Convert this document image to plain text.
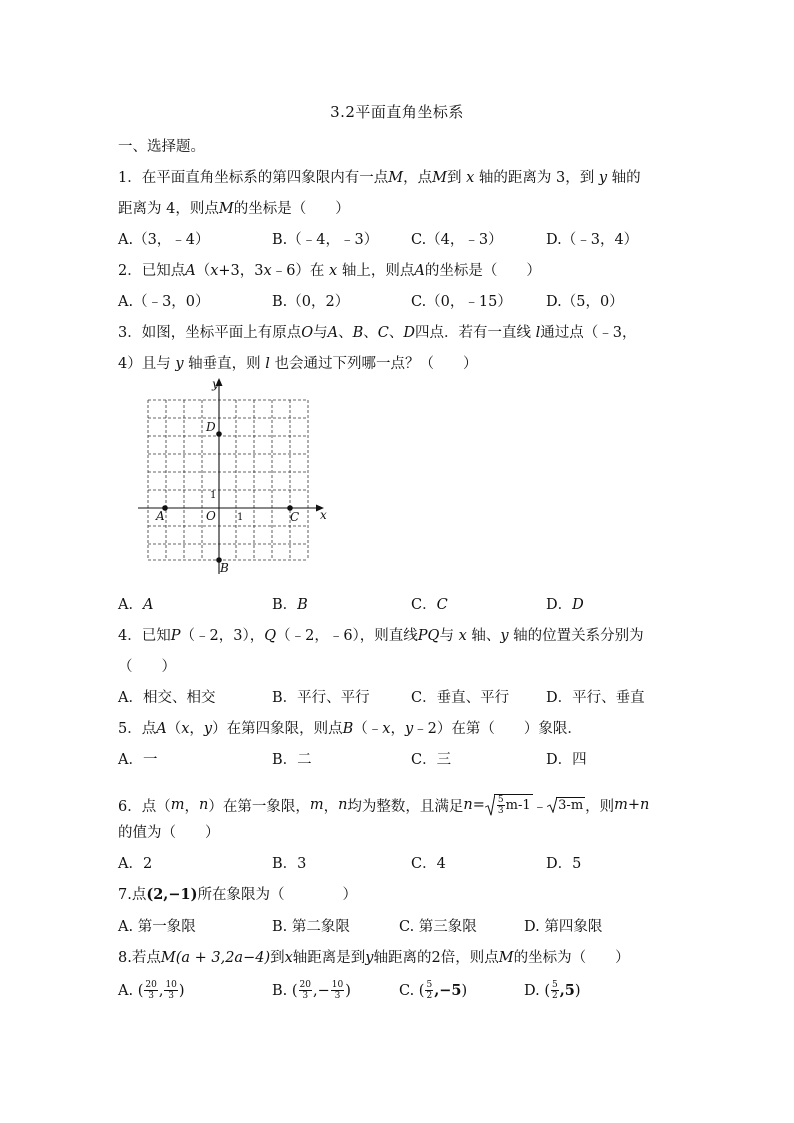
3.2平面直角坐标系
一、选择题。
1．在平面直角坐标系的第四象限内有一点M，点M到 x 轴的距离为 3，到 y 轴的
距离为 4，则点M的坐标是（　　）
A.（3，﹣4）	B.（﹣4，﹣3） C.（4，﹣3）	D.（﹣3，4）
2．已知点A（x+3，3x﹣6）在 x 轴上，则点A的坐标是（　　）
A.（﹣3，0）	B.（0，2）	C.（0，﹣15） D.（5，0）
3．如图，坐标平面上有原点O与A、B、C、D四点．若有一直线 l通过点（﹣3，
4）且与 y 轴垂直，则 l 也会通过下列哪一点？（　　）
y
x
O
A
B
C
D
1
1
A．A	B．B	C．C	D．D
4．已知P（﹣2，3），Q（﹣2，﹣6），则直线PQ与 x 轴、y 轴的位置关系分别为
（　　）
A．相交、相交	B．平行、平行	C．垂直、平行	D．平行、垂直
5．点A（x，y）在第四象限，则点B（﹣x，y﹣2）在第（　　）象限．
A．一	B．二	C．三	D．四
6．点（ m ， n ）在第一象限， m ， n 均为整数，且满足 $n = \frac{5}{3} m-1$ ﹣ 3-m ，则 m+n
的值为（　　）
A．2	B．3	C．4	D．5
7.点(2,−1)所在象限为（　　　　）
A. 第一象限	B. 第二象限	C. 第三象限	D. 第四象限
8.若点M(a + 3,2a−4)到x轴距离是到y轴距离的2倍，则点M的坐标为（　　）
A. ( $\frac{20}{3}$ , $\frac{10}{3}$ )	B. ( $\frac{20}{3}$ ,− $\frac{10}{3}$ )	C. ( $\frac{5}{2} ,-5$ )	D. ( $\frac{5}{2} ,5$ )
